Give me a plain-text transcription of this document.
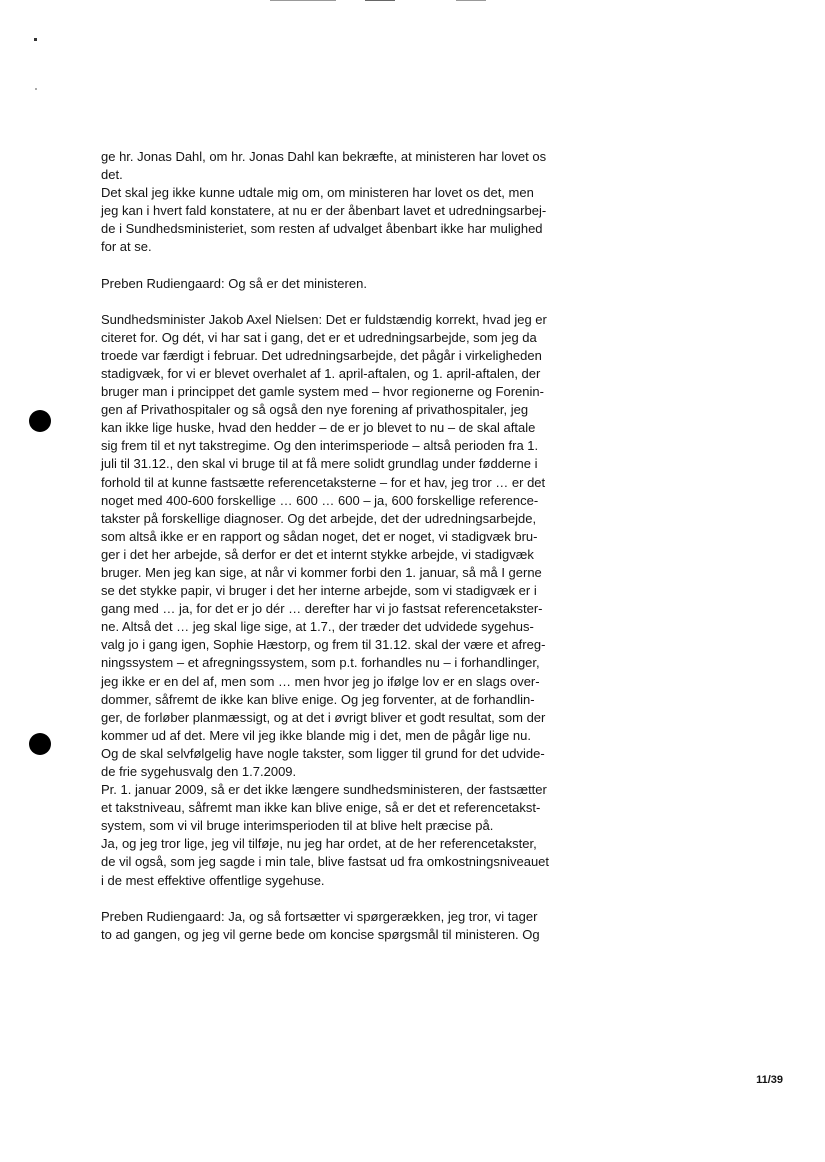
ge hr. Jonas Dahl, om hr. Jonas Dahl kan bekræfte, at ministeren har lovet os
det.
Det skal jeg ikke kunne udtale mig om, om ministeren har lovet os det, men
jeg kan i hvert fald konstatere, at nu er der åbenbart lavet et udredningsarbej-
de i Sundhedsministeriet, som resten af udvalget åbenbart ikke har mulighed
for at se.
Preben Rudiengaard: Og så er det ministeren.
Sundhedsminister Jakob Axel Nielsen: Det er fuldstændig korrekt, hvad jeg er
citeret for. Og dét, vi har sat i gang, det er et udredningsarbejde, som jeg da
troede var færdigt i februar. Det udredningsarbejde, det pågår i virkeligheden
stadigvæk, for vi er blevet overhalet af 1. april-aftalen, og 1. april-aftalen, der
bruger man i princippet det gamle system med – hvor regionerne og Forenin-
gen af Privathospitaler og så også den nye forening af privathospitaler, jeg
kan ikke lige huske, hvad den hedder – de er jo blevet to nu – de skal aftale
sig frem til et nyt takstregime. Og den interimsperiode – altså perioden fra 1.
juli til 31.12., den skal vi bruge til at få mere solidt grundlag under fødderne i
forhold til at kunne fastsætte referencetaksterne – for et hav, jeg tror … er det
noget med 400-600 forskellige … 600 … 600 – ja, 600 forskellige reference-
takster på forskellige diagnoser. Og det arbejde, det der udredningsarbejde,
som altså ikke er en rapport og sådan noget, det er noget, vi stadigvæk bru-
ger i det her arbejde, så derfor er det et internt stykke arbejde, vi stadigvæk
bruger. Men jeg kan sige, at når vi kommer forbi den 1. januar, så må I gerne
se det stykke papir, vi bruger i det her interne arbejde, som vi stadigvæk er i
gang med … ja, for det er jo dér … derefter har vi jo fastsat referencetakster-
ne. Altså det … jeg skal lige sige, at 1.7., der træder det udvidede sygehus-
valg jo i gang igen, Sophie Hæstorp, og frem til 31.12. skal der være et afreg-
ningssystem – et afregningssystem, som p.t. forhandles nu – i forhandlinger,
jeg ikke er en del af, men som … men hvor jeg jo ifølge lov er en slags over-
dommer, såfremt de ikke kan blive enige. Og jeg forventer, at de forhandlin-
ger, de forløber planmæssigt, og at det i øvrigt bliver et godt resultat, som der
kommer ud af det. Mere vil jeg ikke blande mig i det, men de pågår lige nu.
Og de skal selvfølgelig have nogle takster, som ligger til grund for det udvide-
de frie sygehusvalg den 1.7.2009.
Pr. 1. januar 2009, så er det ikke længere sundhedsministeren, der fastsætter
et takstniveau, såfremt man ikke kan blive enige, så er det et referencetakst-
system, som vi vil bruge interimsperioden til at blive helt præcise på.
Ja, og jeg tror lige, jeg vil tilføje, nu jeg har ordet, at de her referencetakster,
de vil også, som jeg sagde i min tale, blive fastsat ud fra omkostningsniveauet
i de mest effektive offentlige sygehuse.
Preben Rudiengaard: Ja, og så fortsætter vi spørgerækken, jeg tror, vi tager
to ad gangen, og jeg vil gerne bede om koncise spørgsmål til ministeren. Og
11/39
